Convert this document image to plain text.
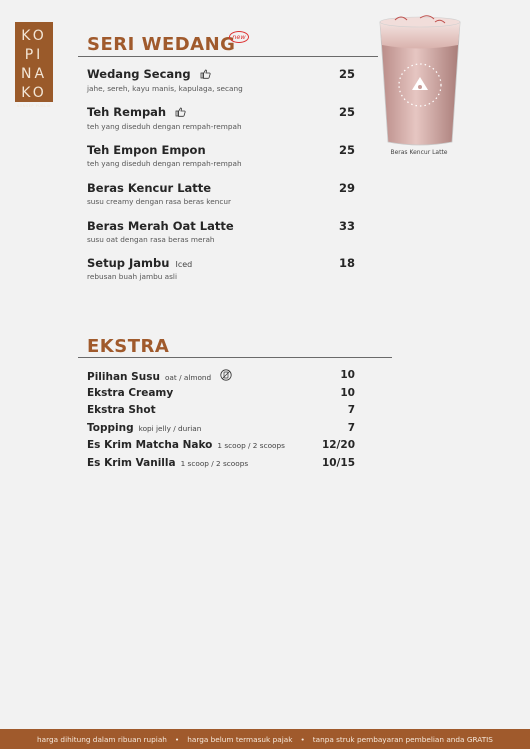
KO
PI
NA
KO
KONSEP PUBLIK
SERI WEDANG
new
Wedang Secang
jahe, sereh, kayu manis, kapulaga, secang
25
Teh Rempah
teh yang diseduh dengan rempah-rempah
25
Teh Empon Empon
teh yang diseduh dengan rempah-rempah
25
Beras Kencur Latte
susu creamy dengan rasa beras kencur
29
Beras Merah Oat Latte
susu oat dengan rasa beras merah
33
Setup Jambu Iced
rebusan buah jambu asli
18
Beras Kencur Latte
EKSTRA
Pilihan Susu oat / almond	10
Ekstra Creamy	10
Ekstra Shot	7
Topping kopi jelly / durian	7
Es Krim Matcha Nako 1 scoop / 2 scoops	12/20
Es Krim Vanilla 1 scoop / 2 scoops	10/15
harga dihitung dalam ribuan rupiah • harga belum termasuk pajak • tanpa struk pembayaran pembelian anda GRATIS
